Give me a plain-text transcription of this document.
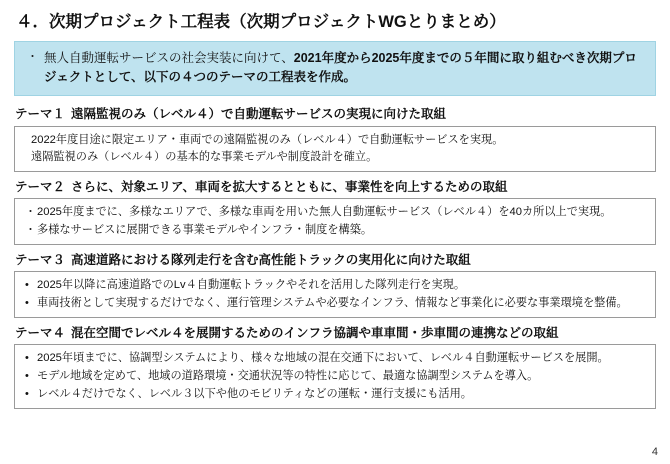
４．次期プロジェクト工程表（次期プロジェクトWGとりまとめ）
・ 無人自動運転サービスの社会実装に向けて、2021年度から2025年度までの５年間に取り組むべき次期プロジェクトとして、以下の４つのテーマの工程表を作成。
テーマ１ 遠隔監視のみ（レベル４）で自動運転サービスの実現に向けた取組
2022年度目途に限定エリア・車両での遠隔監視のみ（レベル４）で自動運転サービスを実現。
遠隔監視のみ（レベル４）の基本的な事業モデルや制度設計を確立。
テーマ２ さらに、対象エリア、車両を拡大するとともに、事業性を向上するための取組
・ 2025年度までに、多様なエリアで、多様な車両を用いた無人自動運転サービス（レベル４）を40カ所以上で実現。
・ 多様なサービスに展開できる事業モデルやインフラ・制度を構築。
テーマ３ 高速道路における隊列走行を含む高性能トラックの実用化に向けた取組
• 2025年以降に高速道路でのLv４自動運転トラックやそれを活用した隊列走行を実現。
• 車両技術として実現するだけでなく、運行管理システムや必要なインフラ、情報など事業化に必要な事業環境を整備。
テーマ４ 混在空間でレベル４を展開するためのインフラ協調や車車間・歩車間の連携などの取組
• 2025年頃までに、協調型システムにより、様々な地域の混在交通下において、レベル４自動運転サービスを展開。
• モデル地域を定めて、地域の道路環境・交通状況等の特性に応じて、最適な協調型システムを導入。
• レベル４だけでなく、レベル３以下や他のモビリティなどの運転・運行支援にも活用。
4
